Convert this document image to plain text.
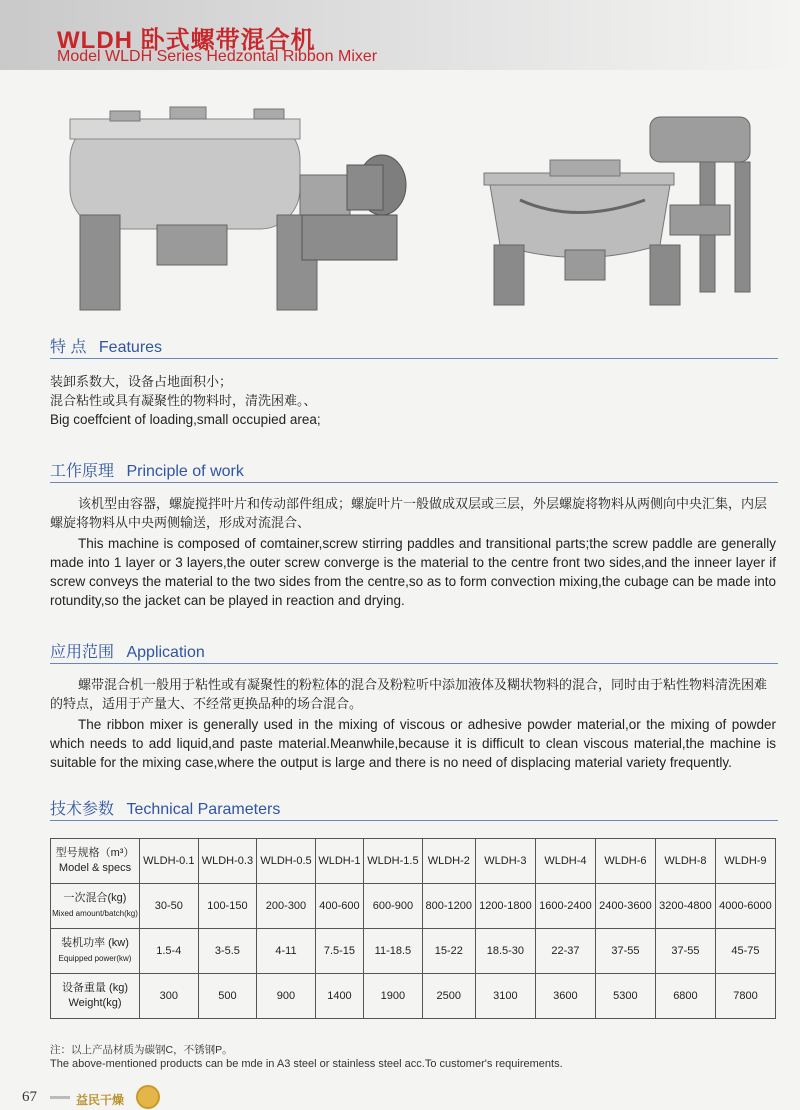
WLDH 卧式螺带混合机
Model WLDH Series Hedzontal Ribbon Mixer
特 点 Features

装卸系数大，设备占地面积小；

混合粘性或具有凝聚性的物料时，清洗困难。、

Big coeffcient of loading,small occupied area;

工作原理 Principle of work

该机型由容器，螺旋搅拌叶片和传动部件组成；螺旋叶片一般做成双层或三层，外层螺旋将物料从两侧向中央汇集，内层螺旋将物料从中央两侧输送，形成对流混合、

This machine is composed of comtainer,screw stirring paddles and transitional parts;the screw paddle are generally made into 1 layer or 3 layers,the outer screw converge is the material to the centre front two sides,and the inneer layer if screw conveys the material to the two sides from the centre,so as to form convection mixing,the cubage can be made into rotundity,so the jacket can be played in reaction and drying.

应用范围 Application

螺带混合机一般用于粘性或有凝聚性的粉粒体的混合及粉粒听中添加液体及糊状物料的混合，同时由于粘性物料清洗困难的特点，适用于产量大、不经常更换品种的场合混合。

The ribbon mixer is generally used in the mixing of viscous or adhesive powder material,or the mixing of powder which needs to add liquid,and paste material.Meanwhile,because it is difficult to clean viscous material,the machine is suitable for the mixing case,where the output is large and there is no need of displacing material variety frequently.

技术参数 Technical Parameters
型号规格（m³）
Model & specs	WLDH-0.1	WLDH-0.3	WLDH-0.5	WLDH-1	WLDH-1.5	WLDH-2	WLDH-3	WLDH-4	WLDH-6	WLDH-8	WLDH-9

一次混合(kg)
Mixed amount/batch(kg)	30-50	100-150	200-300	400-600	600-900	800-1200	1200-1800	1600-2400	2400-3600	3200-4800	4000-6000

装机功率 (kw)
Equipped power(kw)	1.5-4	3-5.5	4-11	7.5-15	11-18.5	15-22	18.5-30	22-37	37-55	37-55	45-75

设备重量 (kg)
Weight(kg)	300	500	900	1400	1900	2500	3100	3600	5300	6800	7800
注：以上产品材质为碳钢C，不锈钢P。
The above-mentioned products can be mde in A3 steel or stainless steel acc.To customer's requirements.
67	益民干燥
